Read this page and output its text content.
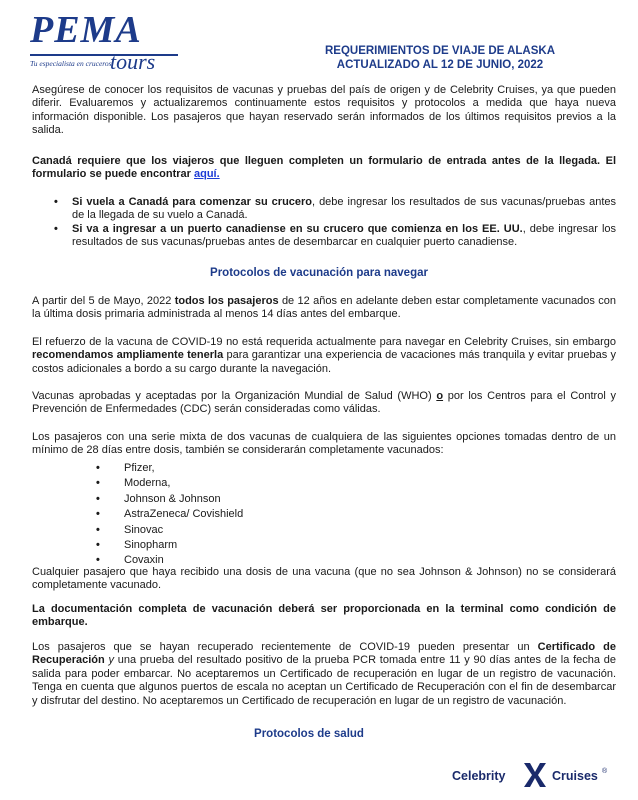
PEMA
Tu especialista en cruceros
tours	REQUERIMIENTOS DE VIAJE DE ALASKA
ACTUALIZADO AL 12 DE JUNIO, 2022
Asegúrese de conocer los requisitos de vacunas y pruebas del país de origen y de Celebrity Cruises, ya que pueden diferir. Evaluaremos y actualizaremos continuamente estos requisitos y protocolos a medida que haya nueva información disponible. Los pasajeros que hayan reservado serán informados de los últimos requisitos previos a la salida.
Canadá requiere que los viajeros que lleguen completen un formulario de entrada antes de la llegada. El formulario se puede encontrar aquí.
• Si vuela a Canadá para comenzar su crucero, debe ingresar los resultados de sus vacunas/pruebas antes de la llegada de su vuelo a Canadá.
• Si va a ingresar a un puerto canadiense en su crucero que comienza en los EE. UU., debe ingresar los resultados de sus vacunas/pruebas antes de desembarcar en cualquier puerto canadiense.
Protocolos de vacunación para navegar
A partir del 5 de Mayo, 2022 todos los pasajeros de 12 años en adelante deben estar completamente vacunados con la última dosis primaria administrada al menos 14 días antes del embarque.
El refuerzo de la vacuna de COVID-19 no está requerida actualmente para navegar en Celebrity Cruises, sin embargo recomendamos ampliamente tenerla para garantizar una experiencia de vacaciones más tranquila y evitar pruebas y costos adicionales a bordo a su cargo durante la navegación.
Vacunas aprobadas y aceptadas por la Organización Mundial de Salud (WHO) o por los Centros para el Control y Prevención de Enfermedades (CDC) serán consideradas como válidas.
Los pasajeros con una serie mixta de dos vacunas de cualquiera de las siguientes opciones tomadas dentro de un mínimo de 28 días entre dosis, también se considerarán completamente vacunados:
• Pfizer,
• Moderna,
• Johnson & Johnson
• AstraZeneca/ Covishield
• Sinovac
• Sinopharm
• Covaxin
Cualquier pasajero que haya recibido una dosis de una vacuna (que no sea Johnson & Johnson) no se considerará completamente vacunado.
La documentación completa de vacunación deberá ser proporcionada en la terminal como condición de embarque.
Los pasajeros que se hayan recuperado recientemente de COVID-19 pueden presentar un Certificado de Recuperación y una prueba del resultado positivo de la prueba PCR tomada entre 11 y 90 días antes de la fecha de salida para poder embarcar. No aceptaremos un Certificado de recuperación en lugar de un registro de vacunación. Tenga en cuenta que algunos puertos de escala no aceptan un Certificado de Recuperación con el fin de desembarcar y disfrutar del destino. No aceptaremos un Certificado de recuperación en lugar de un registro de vacunación.
Protocolos de salud
Celebrity	Cruises ®
